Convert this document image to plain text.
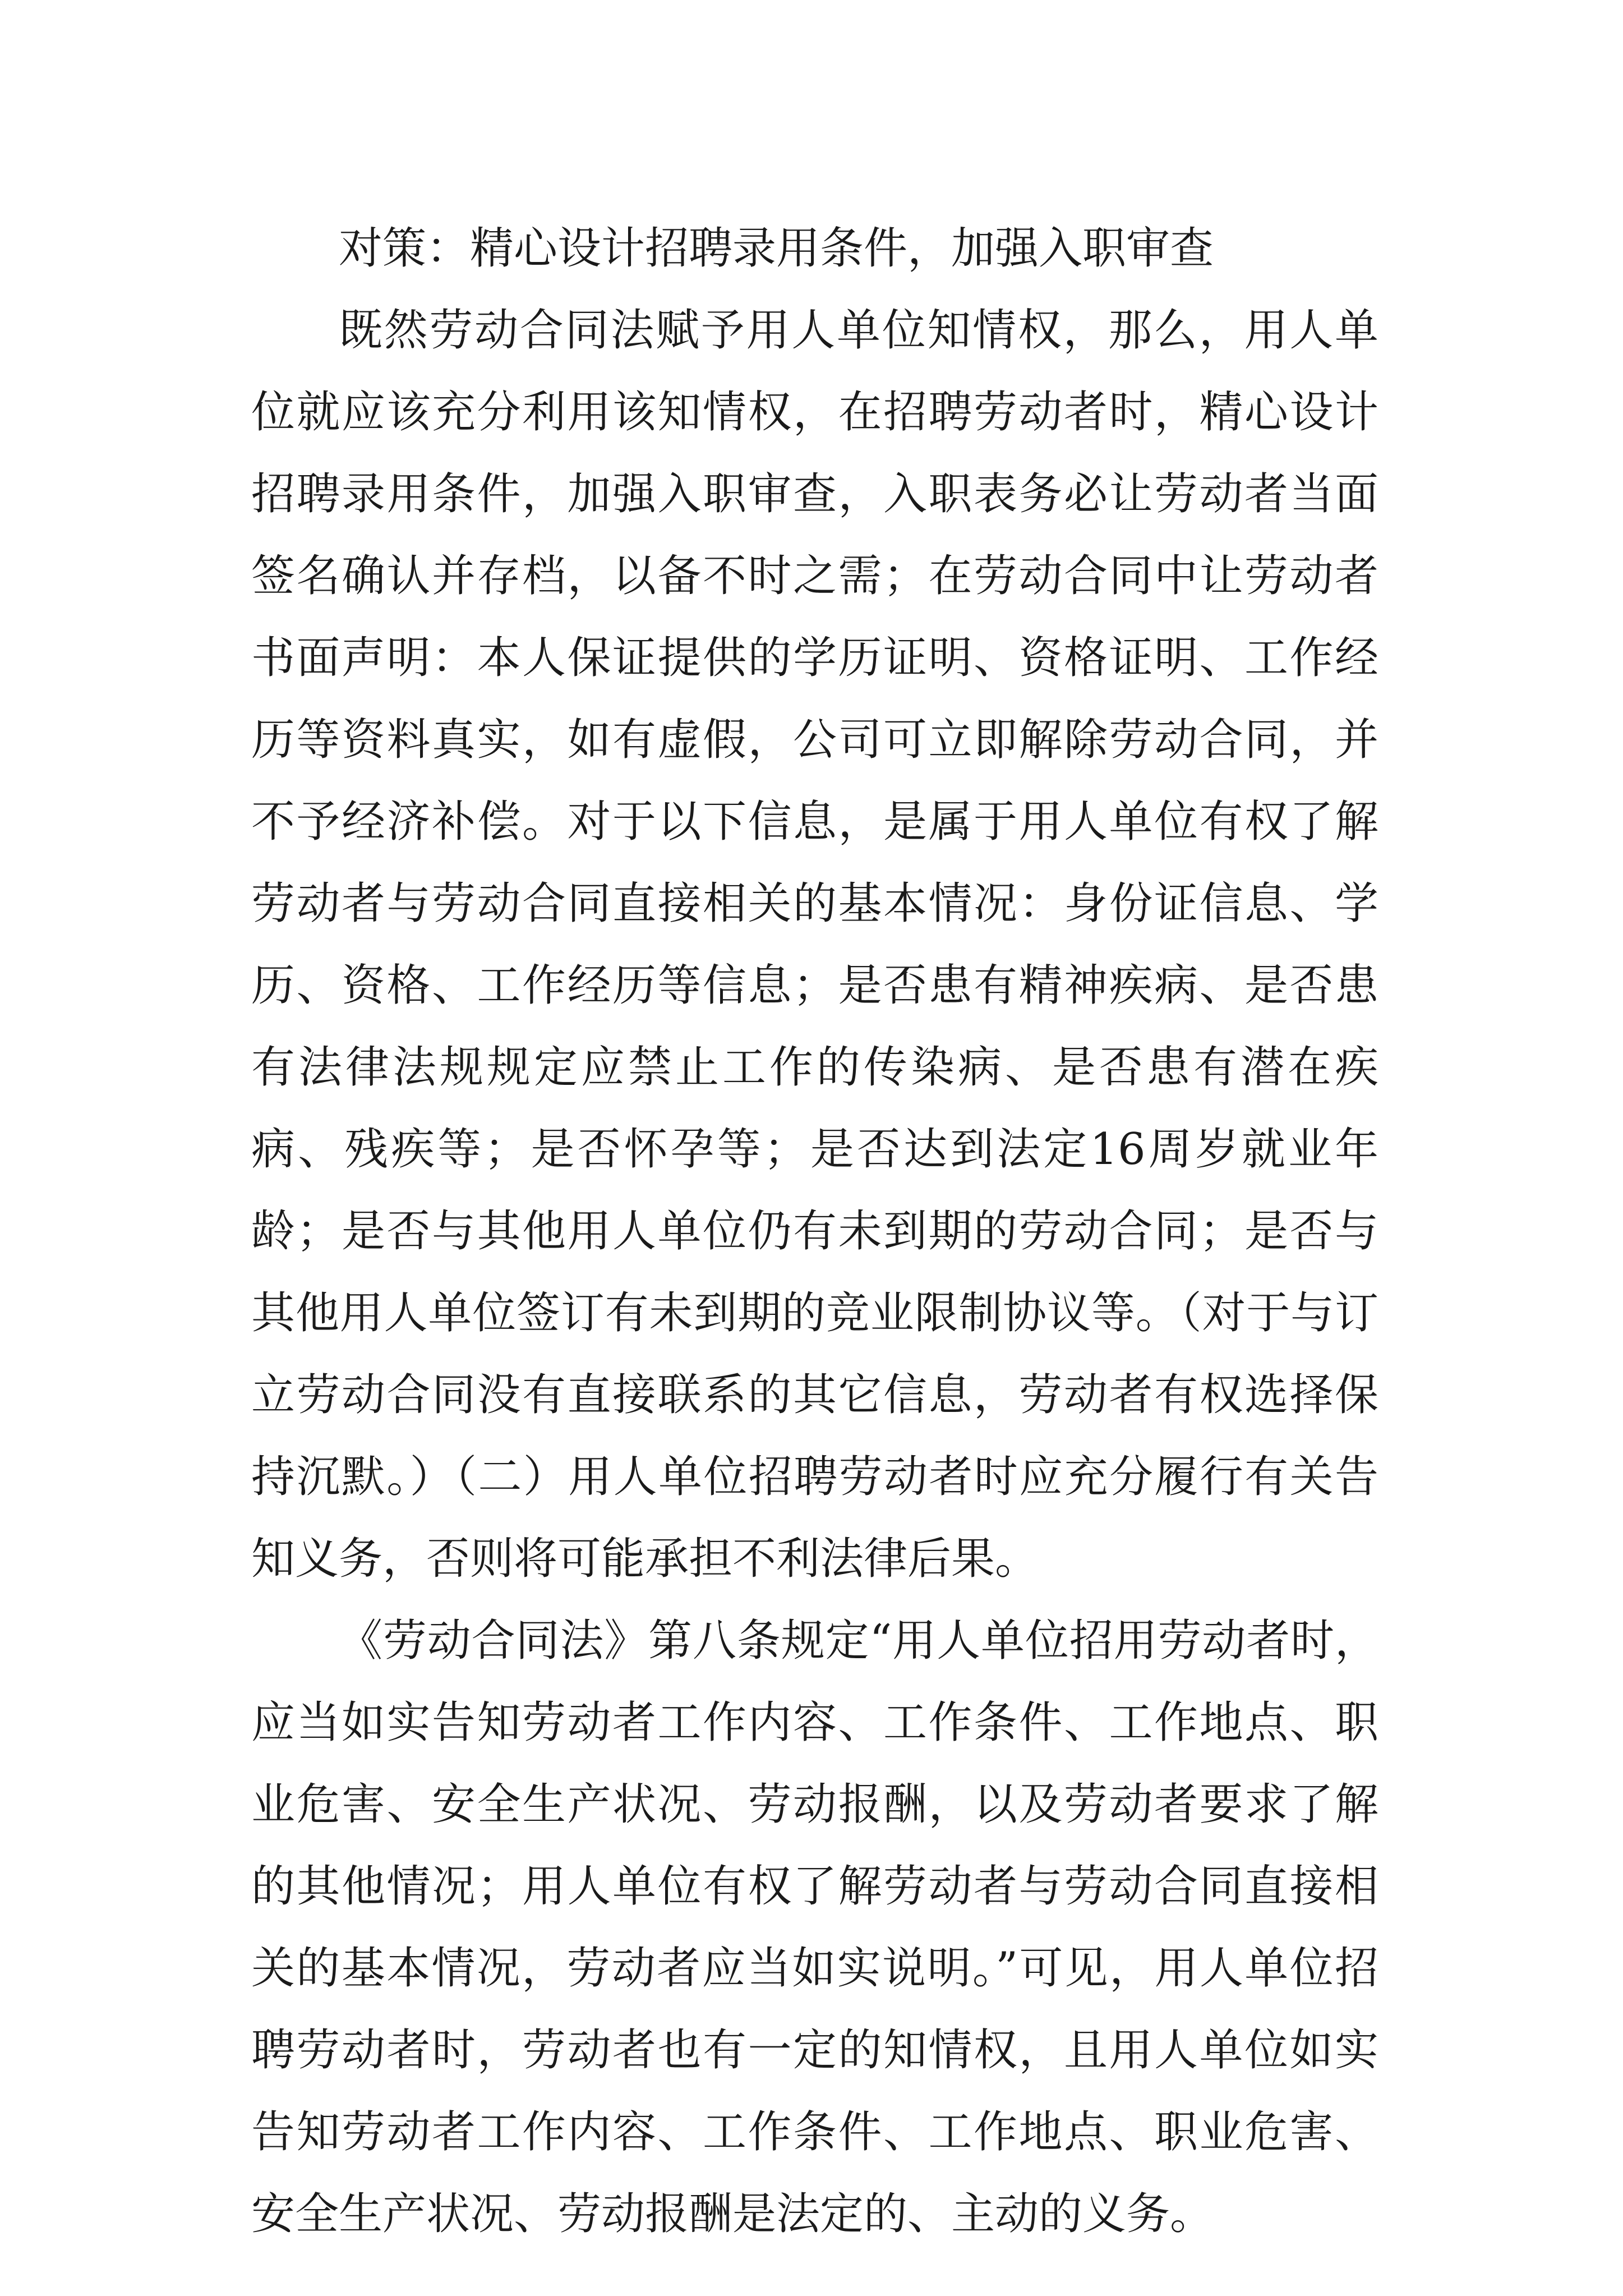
对策：精心设计招聘录用条件，加强入职审查

既然劳动合同法赋予用人单位知情权，那么，用人单位就应该充分利用该知情权，在招聘劳动者时，精心设计招聘录用条件，加强入职审查，入职表务必让劳动者当面签名确认并存档，以备不时之需；在劳动合同中让劳动者书面声明：本人保证提供的学历证明、资格证明、工作经历等资料真实，如有虚假，公司可立即解除劳动合同，并不予经济补偿。对于以下信息，是属于用人单位有权了解劳动者与劳动合同直接相关的基本情况：身份证信息、学历、资格、工作经历等信息；是否患有精神疾病、是否患有法律法规规定应禁止工作的传染病、是否患有潜在疾病、残疾等；是否怀孕等；是否达到法定16周岁就业年龄；是否与其他用人单位仍有未到期的劳动合同；是否与其他用人单位签订有未到期的竞业限制协议等。（对于与订立劳动合同没有直接联系的其它信息，劳动者有权选择保持沉默。）（二）用人单位招聘劳动者时应充分履行有关告知义务，否则将可能承担不利法律后果。

《劳动合同法》第八条规定“用人单位招用劳动者时，应当如实告知劳动者工作内容、工作条件、工作地点、职业危害、安全生产状况、劳动报酬，以及劳动者要求了解的其他情况；用人单位有权了解劳动者与劳动合同直接相关的基本情况，劳动者应当如实说明。”可见，用人单位招聘劳动者时，劳动者也有一定的知情权，且用人单位如实告知劳动者工作内容、工作条件、工作地点、职业危害、安全生产状况、劳动报酬是法定的、主动的义务。
